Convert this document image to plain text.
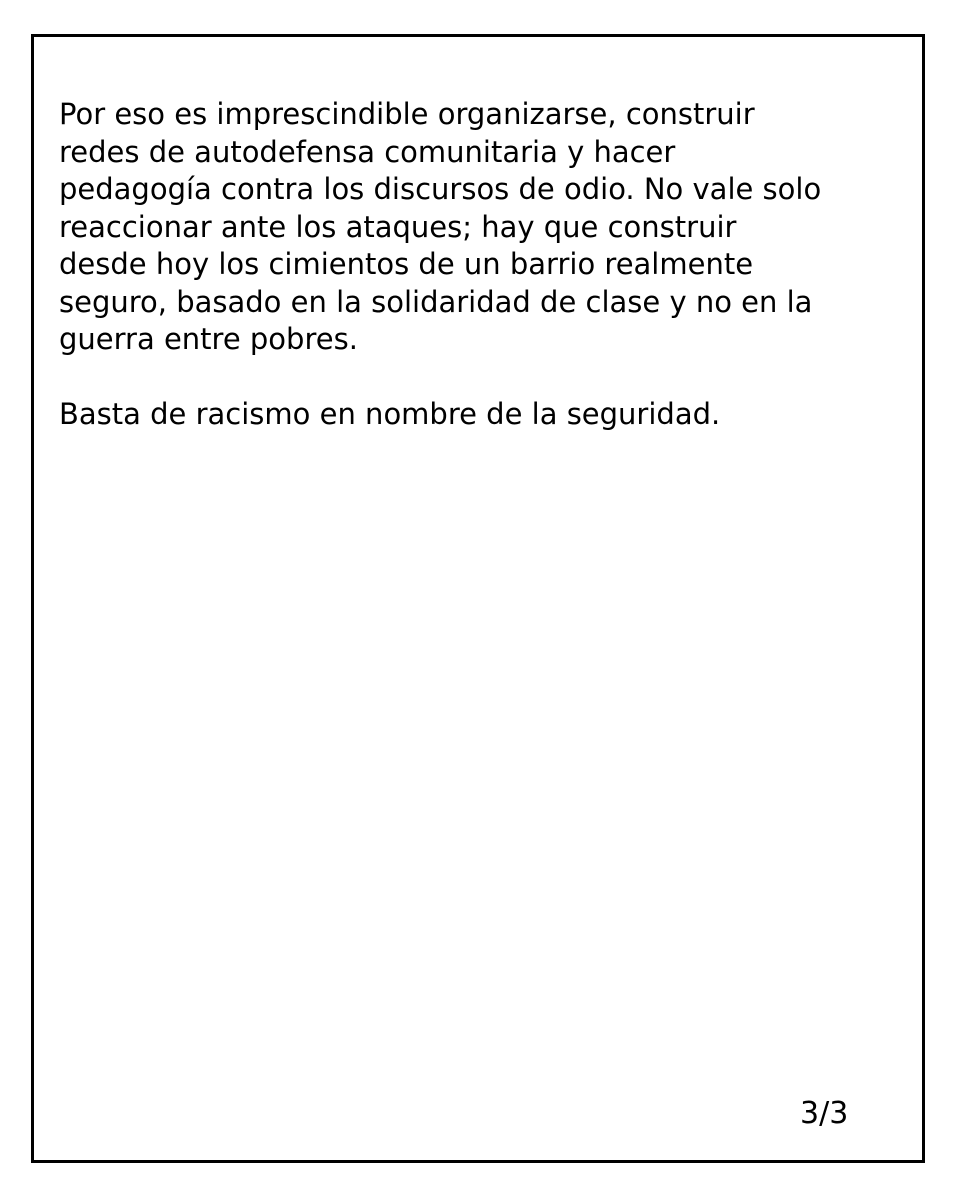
Por eso es imprescindible organizarse, construir
redes de autodefensa comunitaria y hacer
pedagogía contra los discursos de odio. No vale solo
reaccionar ante los ataques; hay que construir
desde hoy los cimientos de un barrio realmente
seguro, basado en la solidaridad de clase y no en la
guerra entre pobres.
Basta de racismo en nombre de la seguridad.
3/3
